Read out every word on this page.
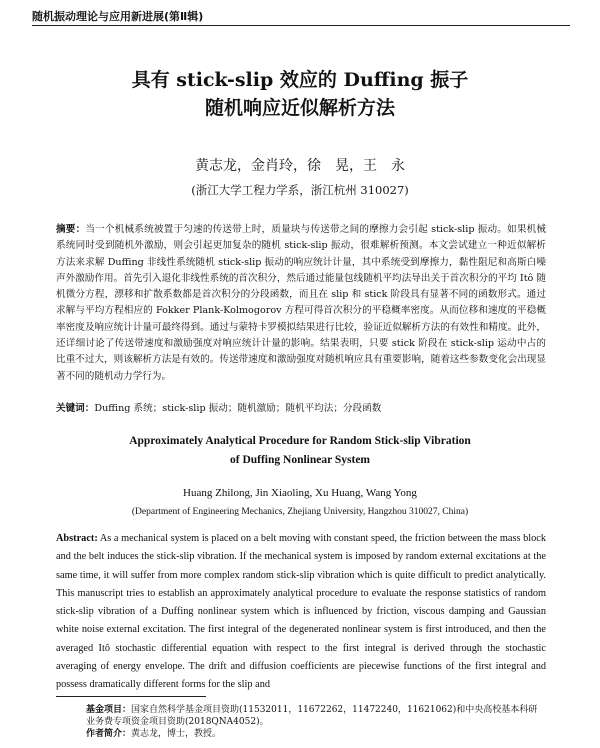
随机振动理论与应用新进展(第Ⅱ辑)
具有 stick-slip 效应的 Duffing 振子
随机响应近似解析方法
黄志龙，金肖玲，徐　晃，王　永
(浙江大学工程力学系，浙江杭州 310027)

摘要：当一个机械系统被置于匀速的传送带上时，质量块与传送带之间的摩擦力会引起 stick-slip 振动。如果机械系统同时受到随机外激励，则会引起更加复杂的随机 stick-slip 振动，很难解析预测。本文尝试建立一种近似解析方法来求解 Duffing 非线性系统随机 stick-slip 振动的响应统计计量，其中系统受到摩擦力，黏性阻尼和高斯白噪声外激励作用。首先引入退化非线性系统的首次积分，然后通过能量包线随机平均法导出关于首次积分的平均 Itô 随机微分方程，漂移和扩散系数都是首次积分的分段函数，而且在 slip 和 stick 阶段具有显著不同的函数形式。通过求解与平均方程相应的 Fokker Plank-Kolmogorov 方程可得首次积分的平稳概率密度。从而位移和速度的平稳概率密度及响应统计计量可最终得到。通过与蒙特卡罗模拟结果进行比较，验证近似解析方法的有效性和精度。此外，还详细讨论了传送带速度和激励强度对响应统计计量的影响。结果表明，只要 stick 阶段在 stick-slip 运动中占的比重不过大，则该解析方法是有效的。传送带速度和激励强度对随机响应具有重要影响，随着这些参数变化会出现显著不同的随机动力学行为。

关键词：Duffing 系统；stick-slip 振动；随机激励；随机平均法；分段函数
Approximately Analytical Procedure for Random Stick-slip Vibration
of Duffing Nonlinear System
Huang Zhilong, Jin Xiaoling, Xu Huang, Wang Yong
(Department of Engineering Mechanics, Zhejiang University, Hangzhou 310027, China)

Abstract: As a mechanical system is placed on a belt moving with constant speed, the friction between the mass block and the belt induces the stick-slip vibration. If the mechanical system is imposed by random external excitations at the same time, it will suffer from more complex random stick-slip vibration which is quite difficult to predict analytically. This manuscript tries to establish an approximately analytical procedure to evaluate the response statistics of random stick-slip vibration of a Duffing nonlinear system which is influenced by friction, viscous damping and Gaussian white noise external excitation. The first integral of the degenerated nonlinear system is first introduced, and then the averaged Itô stochastic differential equation with respect to the first integral is derived through the stochastic averaging of energy envelope. The drift and diffusion coefficients are piecewise functions of the first integral and possess dramatically different forms for the slip and

基金项目：国家自然科学基金项目资助(11532011，11672262，11472240，11621062)和中央高校基本科研业务费专项资金项目资助(2018QNA4052)。

作者简介：黄志龙，博士，教授。
